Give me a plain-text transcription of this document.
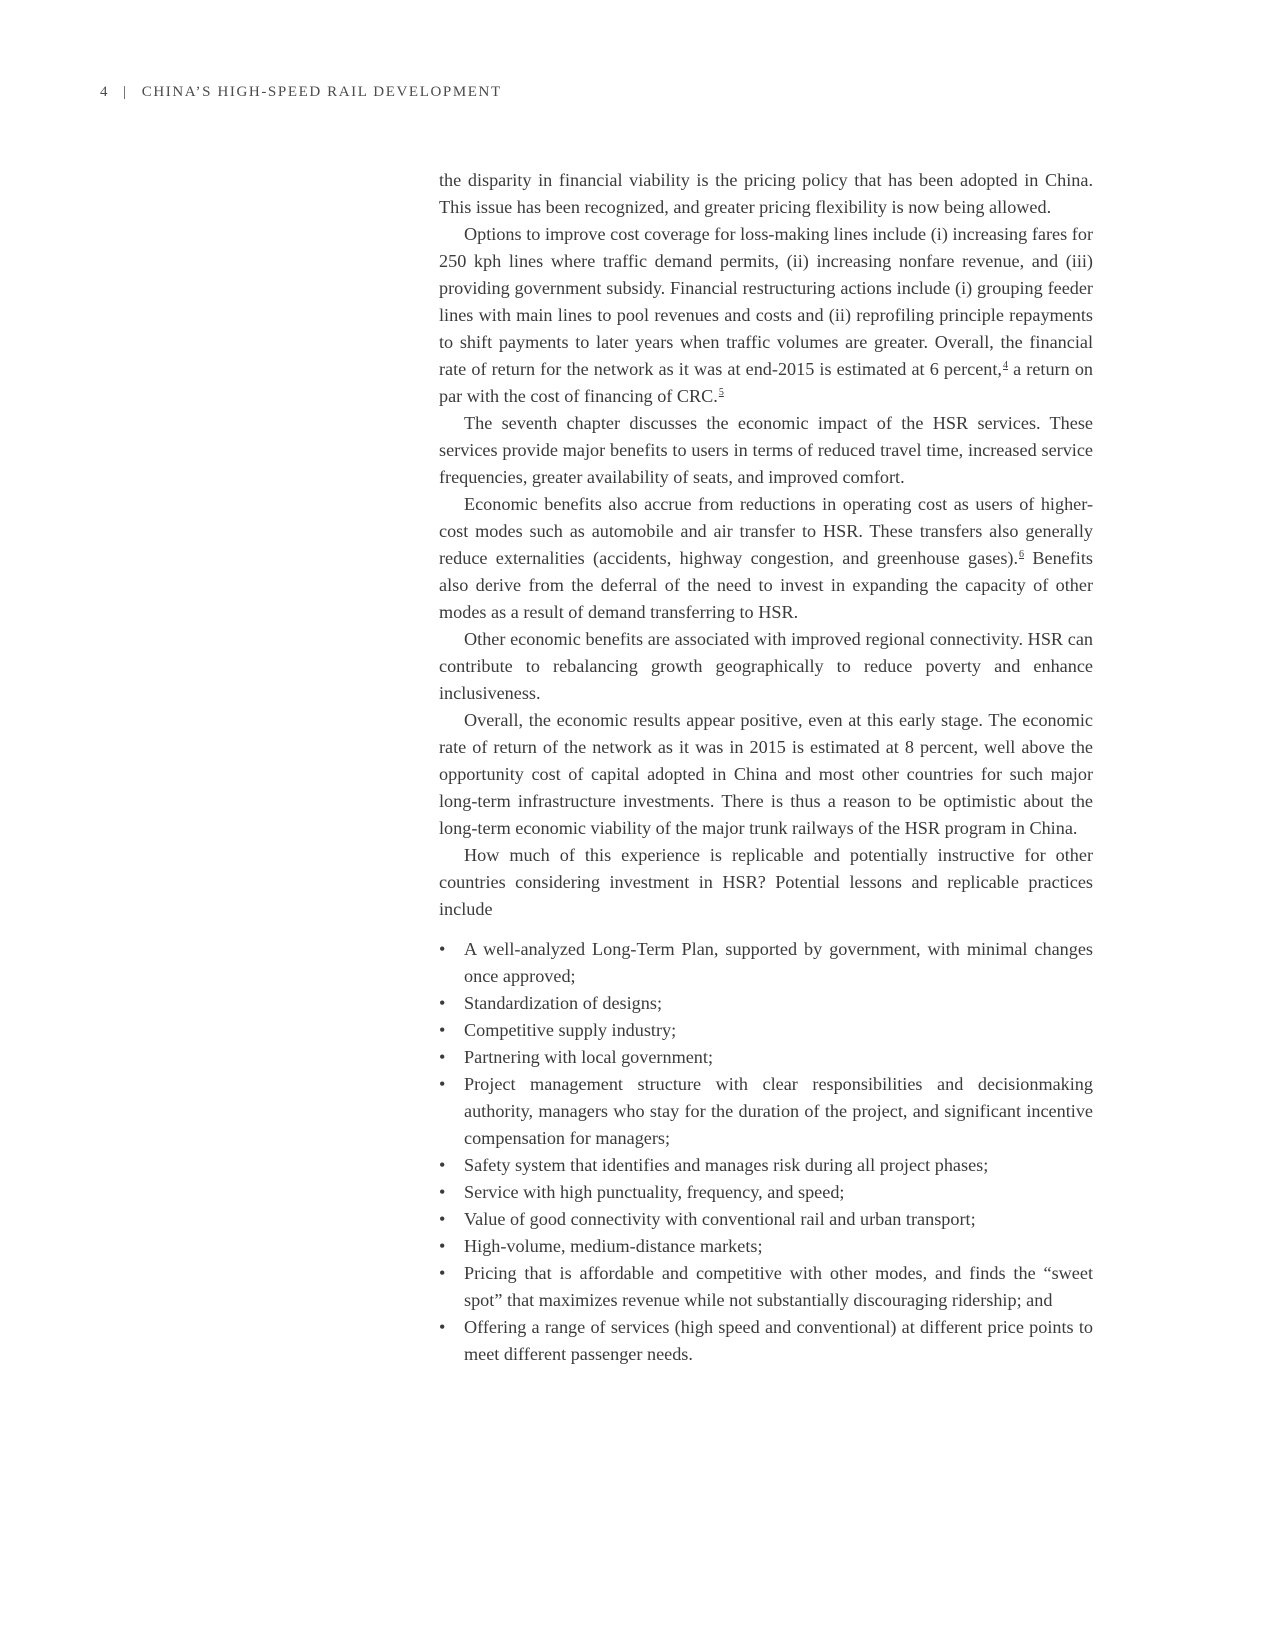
4 | CHINA’S HIGH-SPEED RAIL DEVELOPMENT

the disparity in financial viability is the pricing policy that has been adopted in China. This issue has been recognized, and greater pricing flexibility is now being allowed.

Options to improve cost coverage for loss-making lines include (i) increasing fares for 250 kph lines where traffic demand permits, (ii) increasing nonfare revenue, and (iii) providing government subsidy. Financial restructuring actions include (i) grouping feeder lines with main lines to pool revenues and costs and (ii) reprofiling principle repayments to shift payments to later years when traffic volumes are greater. Overall, the financial rate of return for the network as it was at end-2015 is estimated at 6 percent,$^4$ a return on par with the cost of financing of CRC.$^5$

The seventh chapter discusses the economic impact of the HSR services. These services provide major benefits to users in terms of reduced travel time, increased service frequencies, greater availability of seats, and improved comfort.

Economic benefits also accrue from reductions in operating cost as users of higher-cost modes such as automobile and air transfer to HSR. These transfers also generally reduce externalities (accidents, highway congestion, and greenhouse gases).$^6$ Benefits also derive from the deferral of the need to invest in expanding the capacity of other modes as a result of demand transferring to HSR.

Other economic benefits are associated with improved regional connectivity. HSR can contribute to rebalancing growth geographically to reduce poverty and enhance inclusiveness.

Overall, the economic results appear positive, even at this early stage. The economic rate of return of the network as it was in 2015 is estimated at 8 percent, well above the opportunity cost of capital adopted in China and most other countries for such major long-term infrastructure investments. There is thus a reason to be optimistic about the long-term economic viability of the major trunk railways of the HSR program in China.

How much of this experience is replicable and potentially instructive for other countries considering investment in HSR? Potential lessons and replicable practices include

• A well-analyzed Long-Term Plan, supported by government, with minimal changes once approved;
• Standardization of designs;
• Competitive supply industry;
• Partnering with local government;
• Project management structure with clear responsibilities and decisionmaking authority, managers who stay for the duration of the project, and significant incentive compensation for managers;
• Safety system that identifies and manages risk during all project phases;
• Service with high punctuality, frequency, and speed;
• Value of good connectivity with conventional rail and urban transport;
• High-volume, medium-distance markets;
• Pricing that is affordable and competitive with other modes, and finds the “sweet spot” that maximizes revenue while not substantially discouraging ridership; and
• Offering a range of services (high speed and conventional) at different price points to meet different passenger needs.
